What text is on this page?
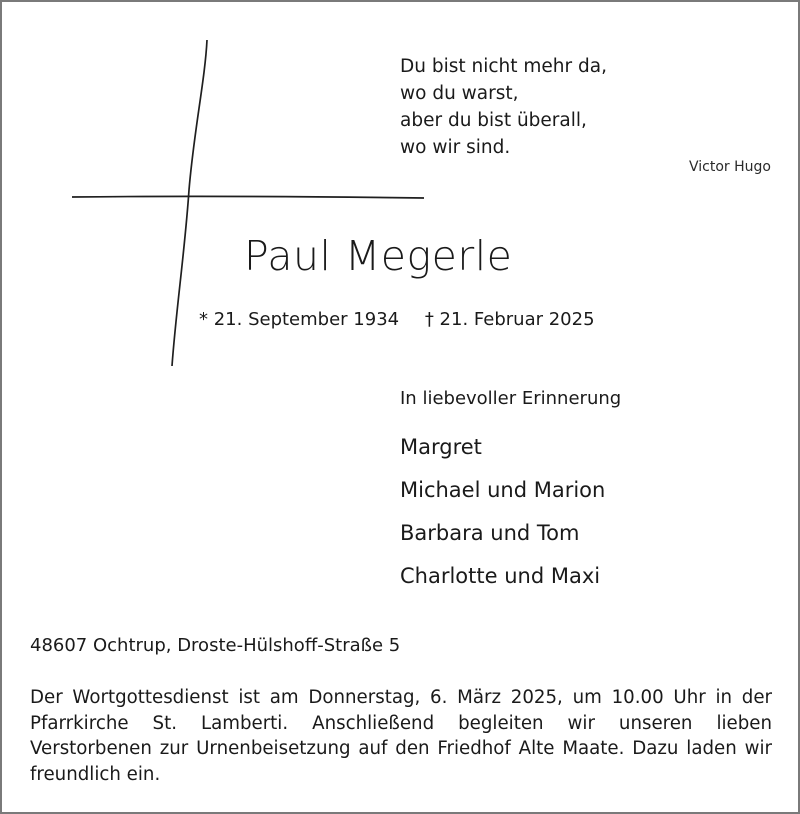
Du bist nicht mehr da,
wo du warst,
aber du bist überall,
wo wir sind.
Victor Hugo
Paul Megerle
* 21. September 1934 † 21. Februar 2025
In liebevoller Erinnerung
Margret
Michael und Marion
Barbara und Tom
Charlotte und Maxi
48607 Ochtrup, Droste-Hülshoff-Straße 5

Der Wortgottesdienst ist am Donnerstag, 6. März 2025, um 10.00 Uhr in der Pfarrkirche St. Lamberti. Anschließend begleiten wir unseren lieben Verstorbenen zur Urnenbeisetzung auf den Friedhof Alte Maate. Dazu laden wir freundlich ein.
